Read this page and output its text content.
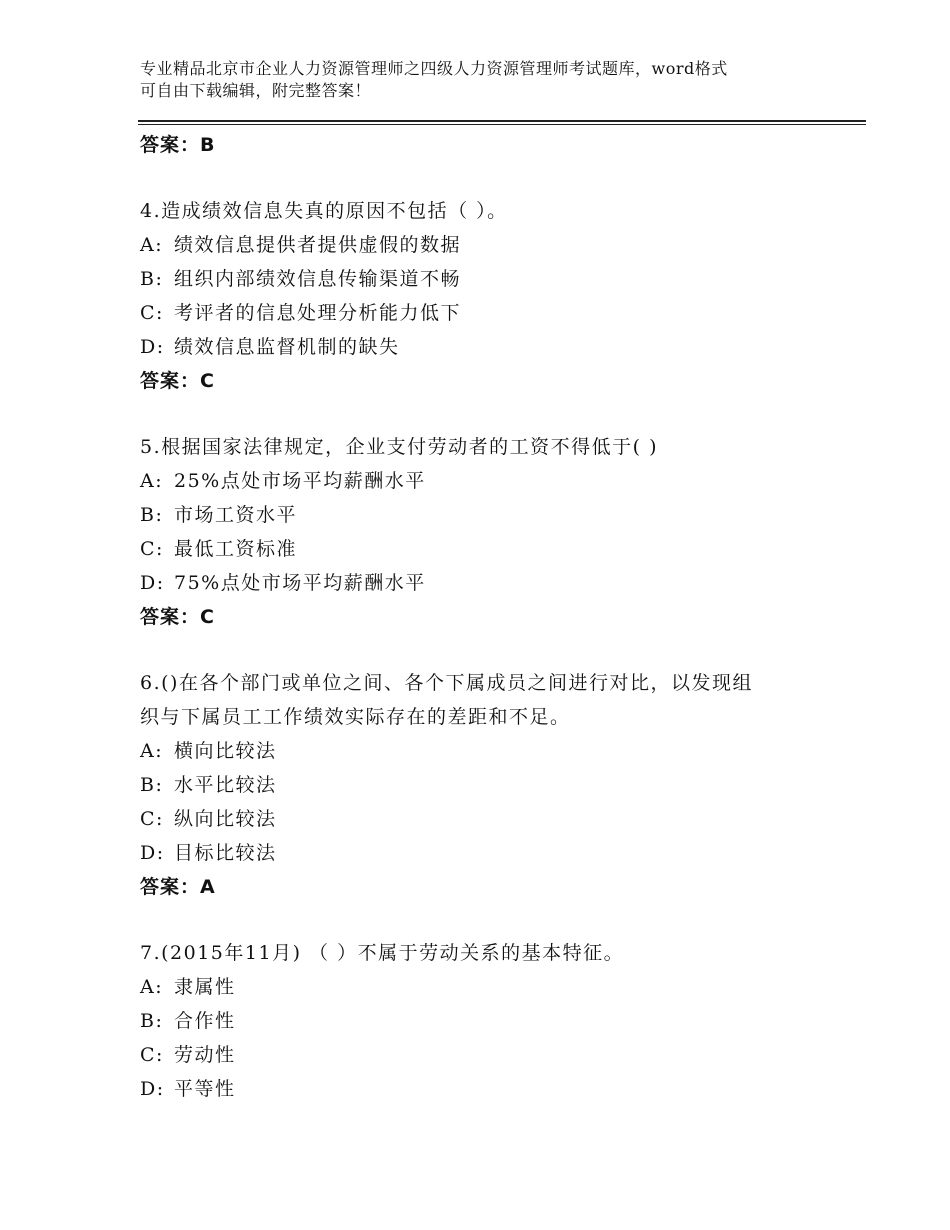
专业精品北京市企业人力资源管理师之四级人力资源管理师考试题库，word格式
可自由下载编辑，附完整答案！
答案：B
4.造成绩效信息失真的原因不包括（ ）。
A: 绩效信息提供者提供虚假的数据
B: 组织内部绩效信息传输渠道不畅
C: 考评者的信息处理分析能力低下
D: 绩效信息监督机制的缺失
答案：C
5.根据国家法律规定，企业支付劳动者的工资不得低于( )
A: 25%点处市场平均薪酬水平
B: 市场工资水平
C: 最低工资标准
D: 75%点处市场平均薪酬水平
答案：C
6.()在各个部门或单位之间、各个下属成员之间进行对比，以发现组
织与下属员工工作绩效实际存在的差距和不足。
A: 横向比较法
B: 水平比较法
C: 纵向比较法
D: 目标比较法
答案：A
7.(2015年11月) （ ）不属于劳动关系的基本特征。
A: 隶属性
B: 合作性
C: 劳动性
D: 平等性
